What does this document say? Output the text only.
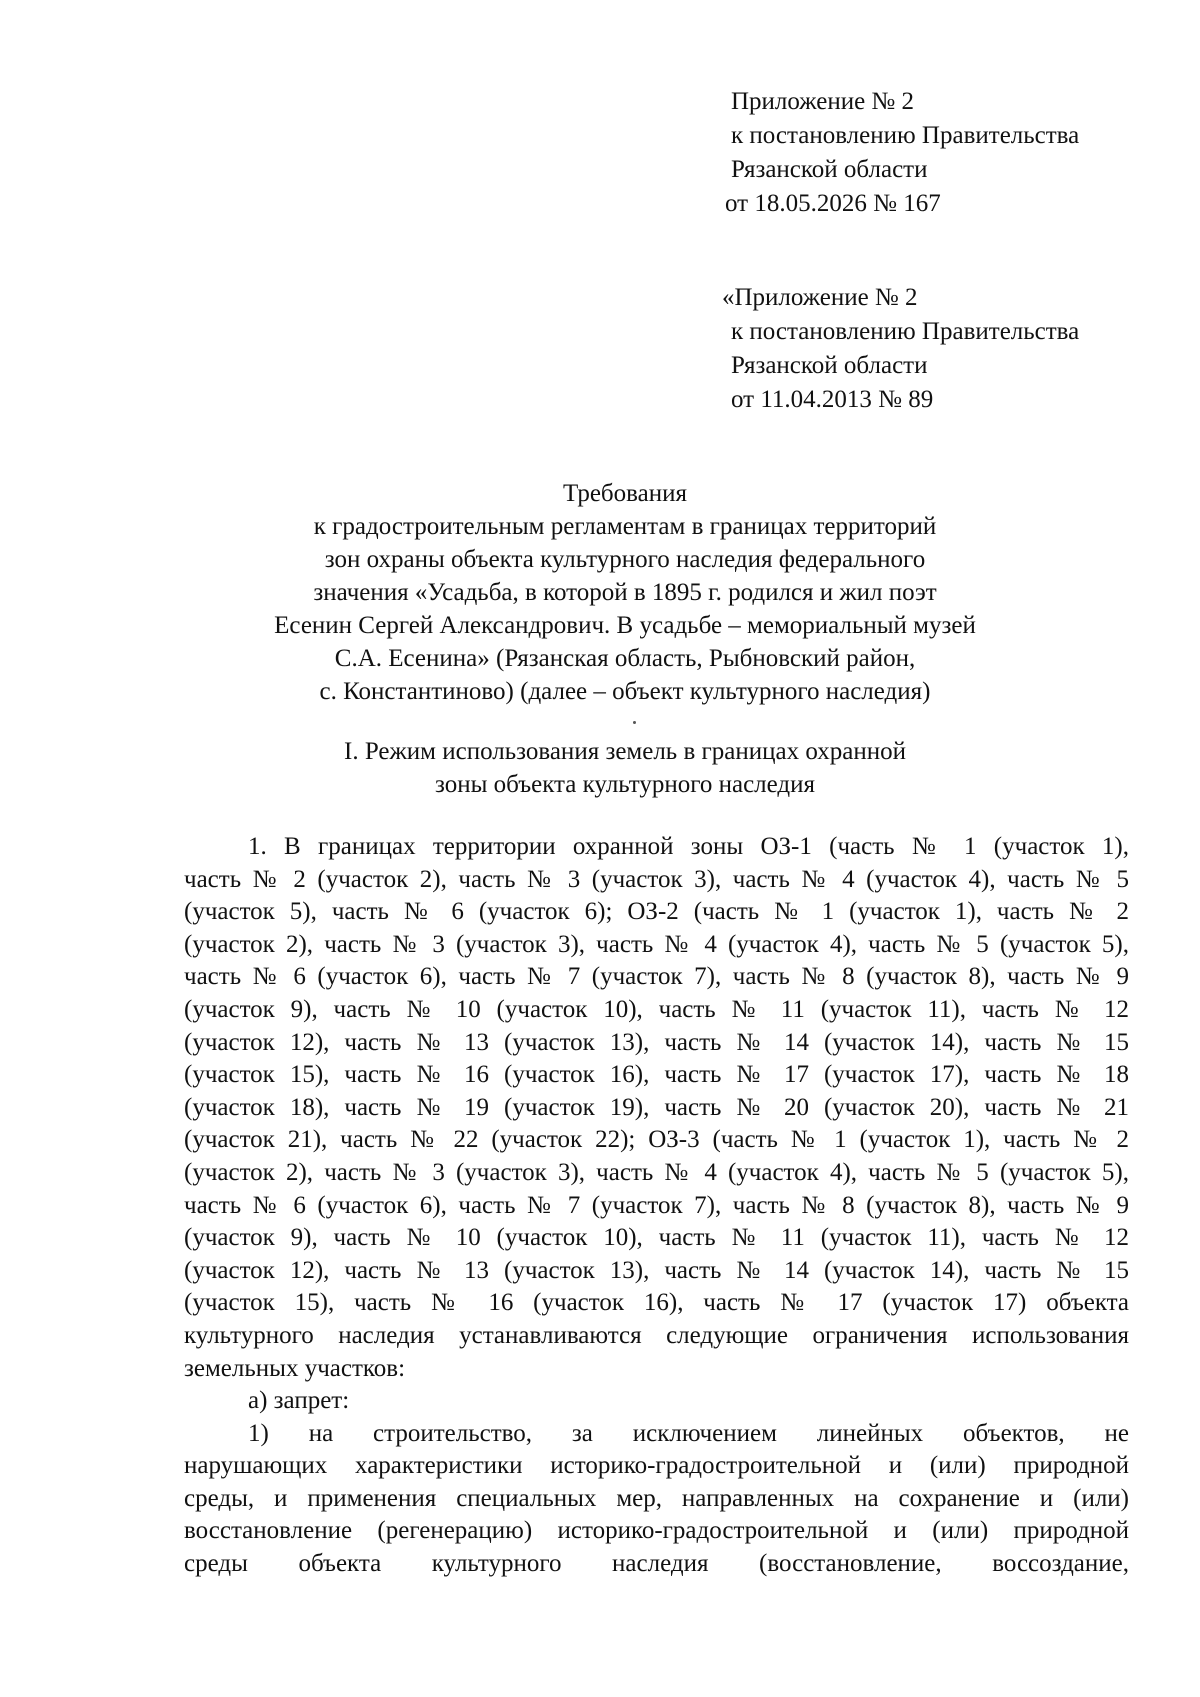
Приложение № 2
к постановлению Правительства
Рязанской области
от 18.05.2026 № 167
«Приложение № 2
к постановлению Правительства
Рязанской области
от 11.04.2013 № 89
Требования
к градостроительным регламентам в границах территорий
зон охраны объекта культурного наследия федерального
значения «Усадьба, в которой в 1895 г. родился и жил поэт
Есенин Сергей Александрович. В усадьбе – мемориальный музей
С.А. Есенина» (Рязанская область, Рыбновский район,
с. Константиново) (далее – объект культурного наследия)
I. Режим использования земель в границах охранной
зоны объекта культурного наследия
1. В границах территории охранной зоны ОЗ-1 (часть № 1 (участок 1),
часть № 2 (участок 2), часть № 3 (участок 3), часть № 4 (участок 4), часть № 5
(участок 5), часть № 6 (участок 6); ОЗ-2 (часть № 1 (участок 1), часть № 2
(участок 2), часть № 3 (участок 3), часть № 4 (участок 4), часть № 5 (участок 5),
часть № 6 (участок 6), часть № 7 (участок 7), часть № 8 (участок 8), часть № 9
(участок 9), часть № 10 (участок 10), часть № 11 (участок 11), часть № 12
(участок 12), часть № 13 (участок 13), часть № 14 (участок 14), часть № 15
(участок 15), часть № 16 (участок 16), часть № 17 (участок 17), часть № 18
(участок 18), часть № 19 (участок 19), часть № 20 (участок 20), часть № 21
(участок 21), часть № 22 (участок 22); ОЗ-3 (часть № 1 (участок 1), часть № 2
(участок 2), часть № 3 (участок 3), часть № 4 (участок 4), часть № 5 (участок 5),
часть № 6 (участок 6), часть № 7 (участок 7), часть № 8 (участок 8), часть № 9
(участок 9), часть № 10 (участок 10), часть № 11 (участок 11), часть № 12
(участок 12), часть № 13 (участок 13), часть № 14 (участок 14), часть № 15
(участок 15), часть № 16 (участок 16), часть № 17 (участок 17) объекта
культурного наследия устанавливаются следующие ограничения использования
земельных участков:
а) запрет:
1) на строительство, за исключением линейных объектов, не
нарушающих характеристики историко-градостроительной и (или) природной
среды, и применения специальных мер, направленных на сохранение и (или)
восстановление (регенерацию) историко-градостроительной и (или) природной
среды объекта культурного наследия (восстановление, воссоздание,
